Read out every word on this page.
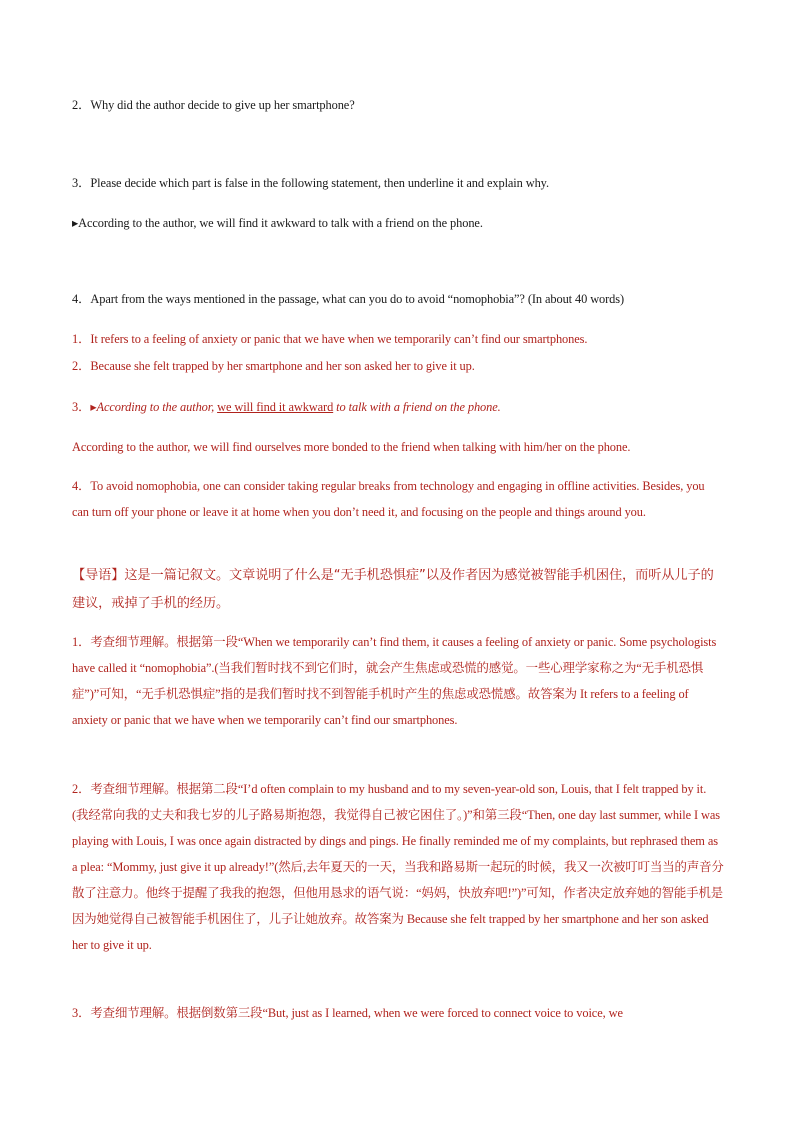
2．Why did the author decide to give up her smartphone?

3．Please decide which part is false in the following statement, then underline it and explain why.

▸According to the author, we will find it awkward to talk with a friend on the phone.

4．Apart from the ways mentioned in the passage, what can you do to avoid “nomophobia”? (In about 40 words)

1．It refers to a feeling of anxiety or panic that we have when we temporarily can’t find our smartphones.

2．Because she felt trapped by her smartphone and her son asked her to give it up.

3．▸According to the author, we will find it awkward to talk with a friend on the phone.

According to the author, we will find ourselves more bonded to the friend when talking with him/her on the phone.

4．To avoid nomophobia, one can consider taking regular breaks from technology and engaging in offline activities. Besides, you can turn off your phone or leave it at home when you don’t need it, and focusing on the people and things around you.

【导语】这是一篇记叙文。文章说明了什么是“无手机恐惧症”以及作者因为感觉被智能手机困住，而听从儿子的建议，戒掉了手机的经历。

1．考查细节理解。根据第一段“When we temporarily can’t find them, it causes a feeling of anxiety or panic. Some psychologists have called it “nomophobia”.(当我们暂时找不到它们时，就会产生焦虑或恐慌的感觉。一些心理学家称之为“无手机恐惧症”)”可知，“无手机恐惧症”指的是我们暂时找不到智能手机时产生的焦虑或恐慌感。故答案为 It refers to a feeling of anxiety or panic that we have when we temporarily can’t find our smartphones.

2．考查细节理解。根据第二段“I’d often complain to my husband and to my seven-year-old son, Louis, that I felt trapped by it. (我经常向我的丈夫和我七岁的儿子路易斯抱怨，我觉得自己被它困住了。)”和第三段“Then, one day last summer, while I was playing with Louis, I was once again distracted by dings and pings. He finally reminded me of my complaints, but rephrased them as a plea: “Mommy, just give it up already!”(然后,去年夏天的一天，当我和路易斯一起玩的时候，我又一次被叮叮当当的声音分散了注意力。他终于提醒了我我的抱怨，但他用恳求的语气说：“妈妈，快放弃吧!”)”可知，作者决定放弃她的智能手机是因为她觉得自己被智能手机困住了，儿子让她放弃。故答案为 Because she felt trapped by her smartphone and her son asked her to give it up.

3．考查细节理解。根据倒数第三段“But, just as I learned, when we were forced to connect voice to voice, we
